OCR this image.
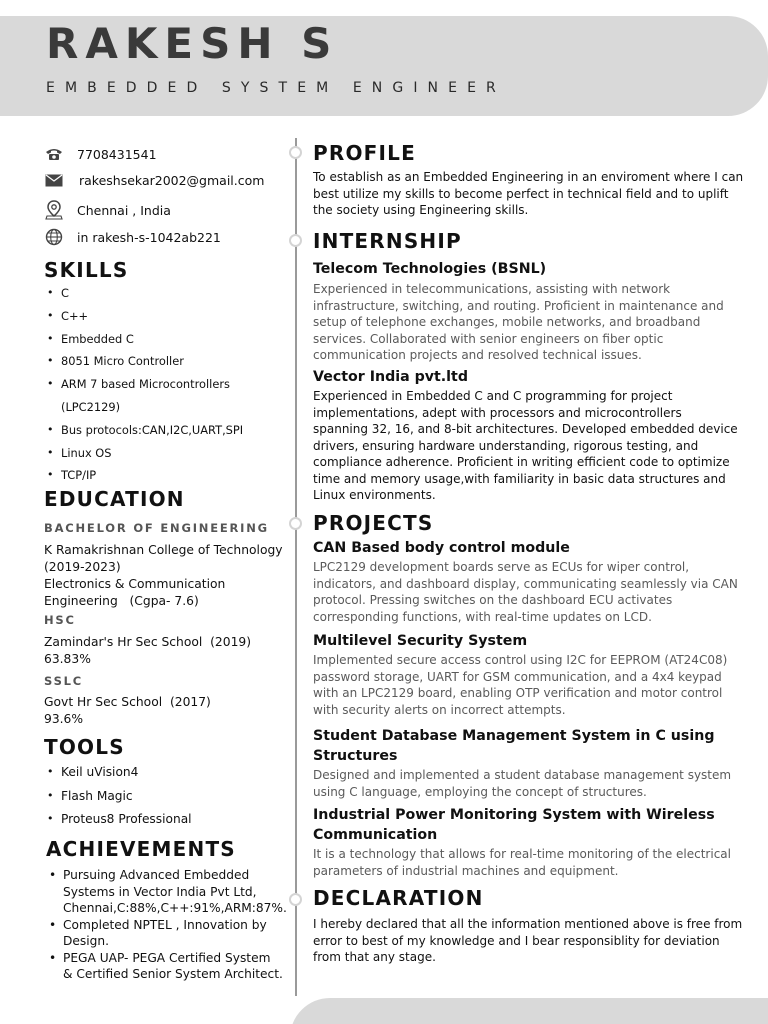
RAKESH S
EMBEDDED SYSTEM ENGINEER
7708431541
rakeshsekar2002@gmail.com
Chennai , India
in rakesh-s-1042ab221
SKILLS
• C
• C++
• Embedded C
• 8051 Micro Controller
• ARM 7 based Microcontrollers
(LPC2129)
• Bus protocols:CAN,I2C,UART,SPI
• Linux OS
• TCP/IP
EDUCATION
BACHELOR OF ENGINEERING
K Ramakrishnan College of Technology
(2019-2023)
Electronics & Communication
Engineering   (Cgpa- 7.6)
HSC
Zamindar's Hr Sec School  (2019)
63.83%
SSLC
Govt Hr Sec School  (2017)
93.6%
TOOLS
• Keil uVision4
• Flash Magic
• Proteus8 Professional
ACHIEVEMENTS
• Pursuing Advanced Embedded
Systems in Vector India Pvt Ltd,
Chennai,C:88%,C++:91%,ARM:87%.
• Completed NPTEL , Innovation by
Design.
• PEGA UAP- PEGA Certified System
& Certified Senior System Architect.
PROFILE
To establish as an Embedded Engineering in an enviroment where I can
best utilize my skills to become perfect in technical field and to uplift
the society using Engineering skills.
INTERNSHIP
Telecom Technologies (BSNL)
Experienced in telecommunications, assisting with network
infrastructure, switching, and routing. Proficient in maintenance and
setup of telephone exchanges, mobile networks, and broadband
services. Collaborated with senior engineers on fiber optic
communication projects and resolved technical issues.
Vector India pvt.ltd
Experienced in Embedded C and C programming for project
implementations, adept with processors and microcontrollers
spanning 32, 16, and 8-bit architectures. Developed embedded device
drivers, ensuring hardware understanding, rigorous testing, and
compliance adherence. Proficient in writing efficient code to optimize
time and memory usage,with familiarity in basic data structures and
Linux environments.
PROJECTS
CAN Based body control module
LPC2129 development boards serve as ECUs for wiper control,
indicators, and dashboard display, communicating seamlessly via CAN
protocol. Pressing switches on the dashboard ECU activates
corresponding functions, with real-time updates on LCD.
Multilevel Security System
Implemented secure access control using I2C for EEPROM (AT24C08)
password storage, UART for GSM communication, and a 4x4 keypad
with an LPC2129 board, enabling OTP verification and motor control
with security alerts on incorrect attempts.
Student Database Management System in C using
Structures
Designed and implemented a student database management system
using C language, employing the concept of structures.
Industrial Power Monitoring System with Wireless
Communication
It is a technology that allows for real-time monitoring of the electrical
parameters of industrial machines and equipment.
DECLARATION
I hereby declared that all the information mentioned above is free from
error to best of my knowledge and I bear responsiblity for deviation
from that any stage.
